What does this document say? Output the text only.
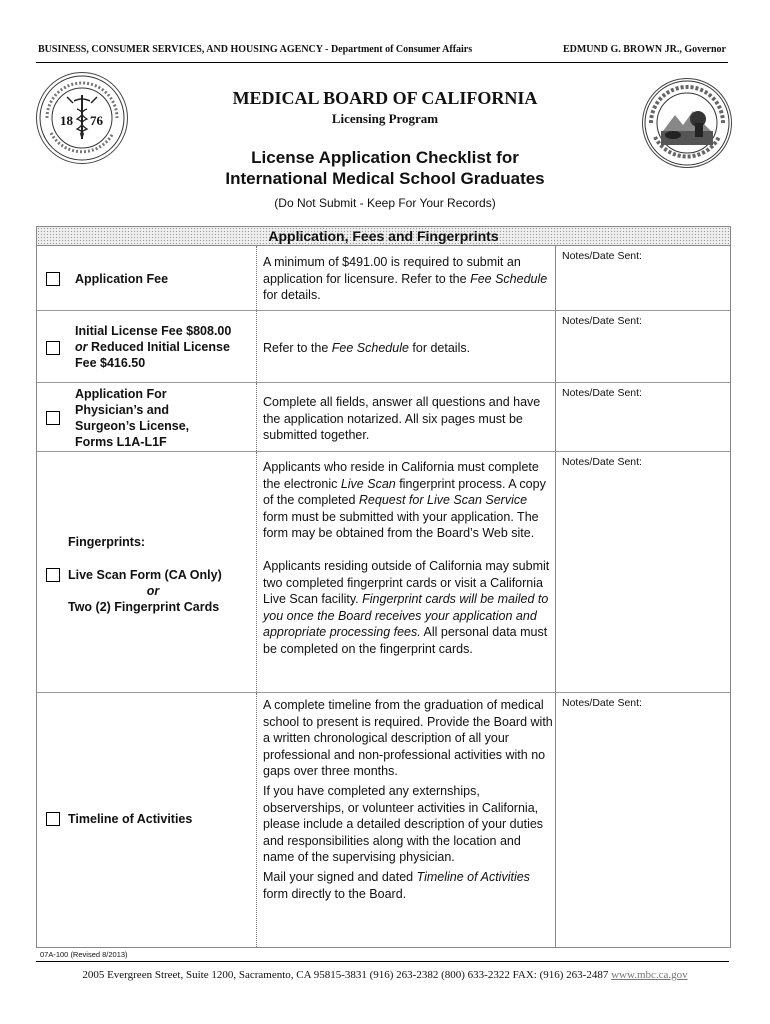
BUSINESS, CONSUMER SERVICES, AND HOUSING AGENCY - Department of Consumer Affairs	EDMUND G. BROWN JR., Governor
18 76
MEDICAL BOARD OF CALIFORNIA
Licensing Program
License Application Checklist for
International Medical School Graduates
(Do Not Submit - Keep For Your Records)
Application, Fees and Fingerprints
Application Fee
A minimum of $491.00 is required to submit an application for licensure. Refer to the Fee Schedule for details.
Notes/Date Sent:
Initial License Fee $808.00
or Reduced Initial License
Fee $416.50
Refer to the Fee Schedule for details.
Notes/Date Sent:
Application For
Physician’s and
Surgeon’s License,
Forms L1A-L1F
Complete all fields, answer all questions and have the application notarized. All six pages must be submitted together.
Notes/Date Sent:
Fingerprints:
Live Scan Form (CA Only)
or
Two (2) Fingerprint Cards

Applicants who reside in California must complete the electronic Live Scan fingerprint process. A copy of the completed Request for Live Scan Service form must be submitted with your application. The form may be obtained from the Board’s Web site.

Applicants residing outside of California may submit two completed fingerprint cards or visit a California Live Scan facility. Fingerprint cards will be mailed to you once the Board receives your application and appropriate processing fees. All personal data must be completed on the fingerprint cards.

Notes/Date Sent:
Timeline of Activities

A complete timeline from the graduation of medical school to present is required. Provide the Board with a written chronological description of all your professional and non-professional activities with no gaps over three months.

If you have completed any externships, observerships, or volunteer activities in California, please include a detailed description of your duties and responsibilities along with the location and name of the supervising physician.

Mail your signed and dated Timeline of Activities form directly to the Board.

Notes/Date Sent:
07A-100 (Revised 8/2013)
2005 Evergreen Street, Suite 1200, Sacramento, CA 95815-3831 (916) 263-2382 (800) 633-2322 FAX: (916) 263-2487 www.mbc.ca.gov
